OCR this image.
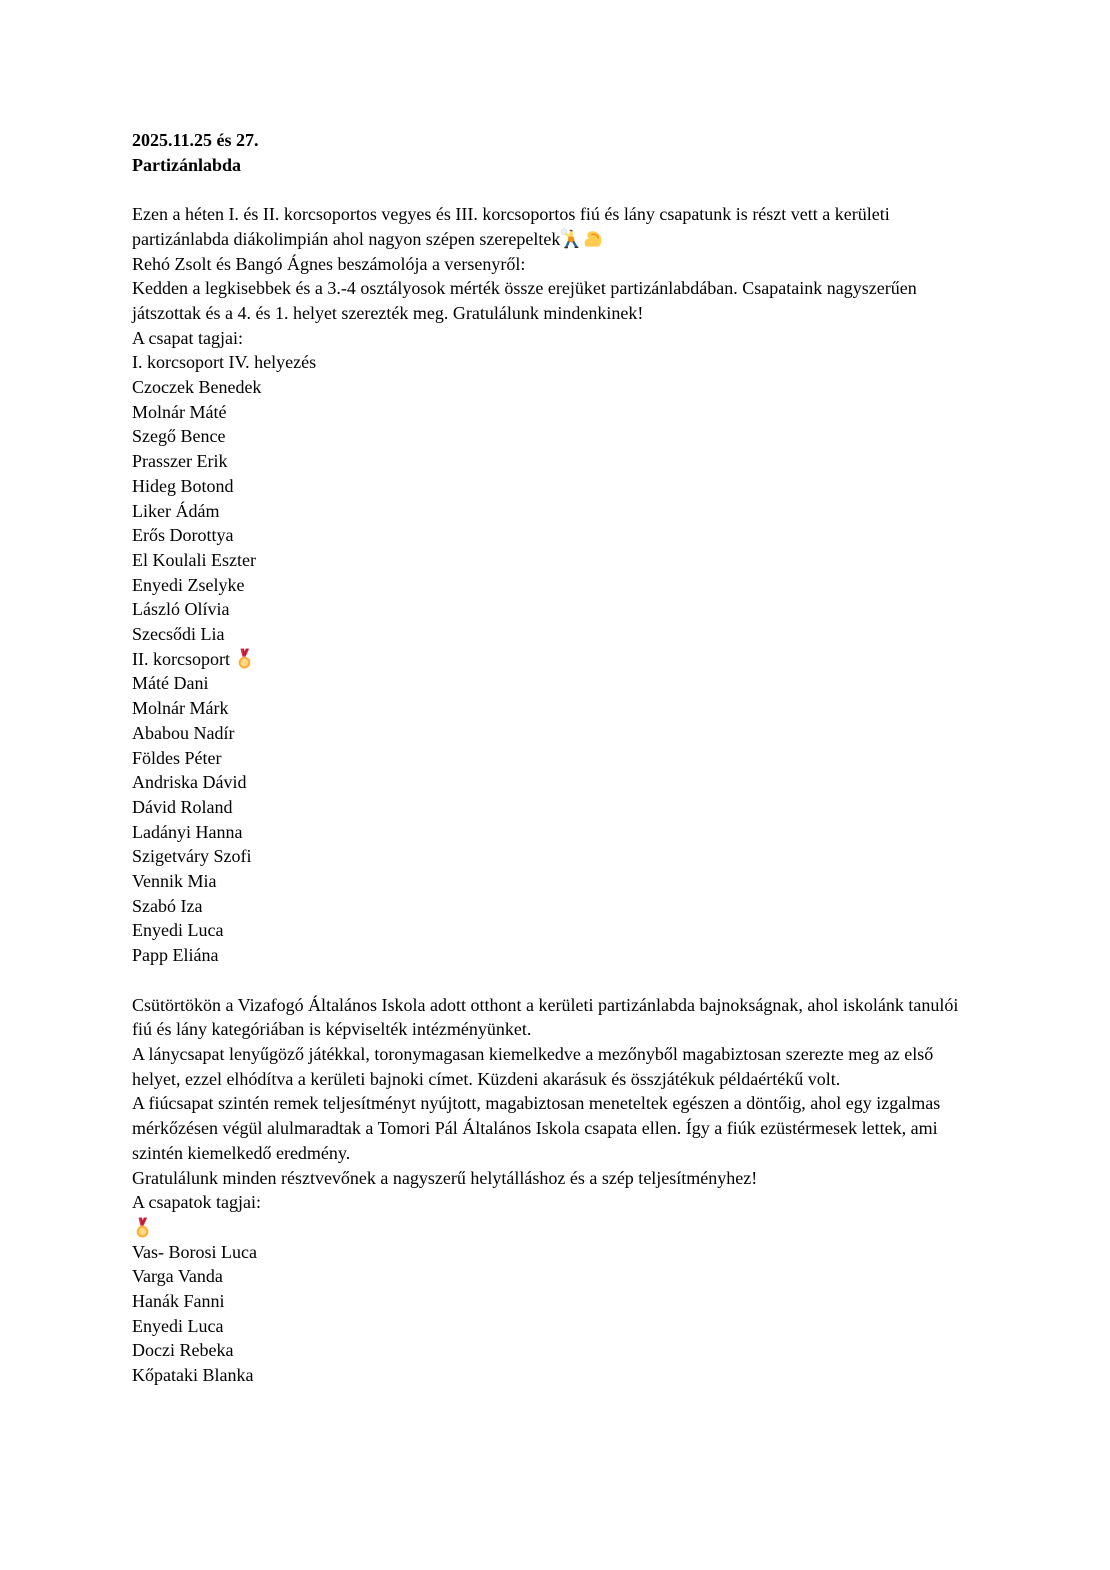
2025.11.25 és 27.

Partizánlabda

Ezen a héten I. és II. korcsoportos vegyes és III. korcsoportos fiú és lány csapatunk is részt vett a kerületi partizánlabda diákolimpián ahol nagyon szépen szerepeltek

Rehó Zsolt és Bangó Ágnes beszámolója a versenyről:

Kedden a legkisebbek és a 3.-4 osztályosok mérték össze erejüket partizánlabdában. Csapataink nagyszerűen játszottak és a 4. és 1. helyet szerezték meg. Gratulálunk mindenkinek!

A csapat tagjai:

I. korcsoport IV. helyezés

Czoczek Benedek

Molnár Máté

Szegő Bence

Prasszer Erik

Hideg Botond

Liker Ádám

Erős Dorottya

El Koulali Eszter

Enyedi Zselyke

László Olívia

Szecsődi Lia

II. korcsoport

Máté Dani

Molnár Márk

Ababou Nadír

Földes Péter

Andriska Dávid

Dávid Roland

Ladányi Hanna

Szigetváry Szofi

Vennik Mia

Szabó Iza

Enyedi Luca

Papp Eliána

Csütörtökön a Vizafogó Általános Iskola adott otthont a kerületi partizánlabda bajnokságnak, ahol iskolánk tanulói fiú és lány kategóriában is képviselték intézményünket.

A lánycsapat lenyűgöző játékkal, toronymagasan kiemelkedve a mezőnyből magabiztosan szerezte meg az első helyet, ezzel elhódítva a kerületi bajnoki címet. Küzdeni akarásuk és összjátékuk példaértékű volt.

A fiúcsapat szintén remek teljesítményt nyújtott, magabiztosan meneteltek egészen a döntőig, ahol egy izgalmas mérkőzésen végül alulmaradtak a Tomori Pál Általános Iskola csapata ellen. Így a fiúk ezüstérmesek lettek, ami szintén kiemelkedő eredmény.

Gratulálunk minden résztvevőnek a nagyszerű helytálláshoz és a szép teljesítményhez!

A csapatok tagjai:

Vas- Borosi Luca

Varga Vanda

Hanák Fanni

Enyedi Luca

Doczi Rebeka

Kőpataki Blanka
